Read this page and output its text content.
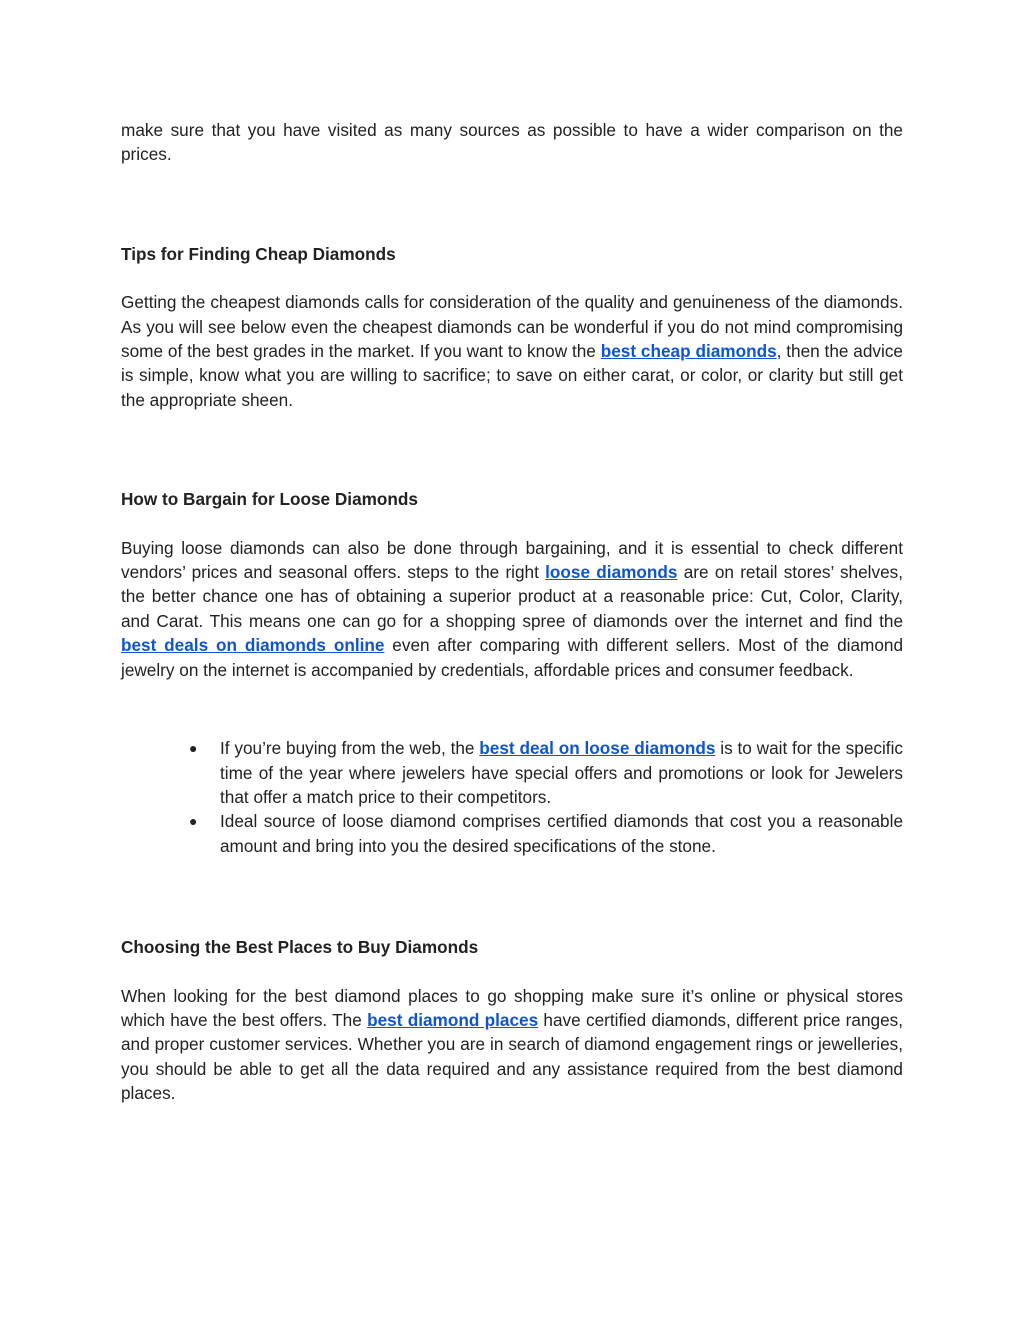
make sure that you have visited as many sources as possible to have a wider comparison on the prices.

Tips for Finding Cheap Diamonds

Getting the cheapest diamonds calls for consideration of the quality and genuineness of the diamonds. As you will see below even the cheapest diamonds can be wonderful if you do not mind compromising some of the best grades in the market. If you want to know the best cheap diamonds, then the advice is simple, know what you are willing to sacrifice; to save on either carat, or color, or clarity but still get the appropriate sheen.

How to Bargain for Loose Diamonds

Buying loose diamonds can also be done through bargaining, and it is essential to check different vendors’ prices and seasonal offers. steps to the right loose diamonds are on retail stores’ shelves, the better chance one has of obtaining a superior product at a reasonable price: Cut, Color, Clarity, and Carat. This means one can go for a shopping spree of diamonds over the internet and find the best deals on diamonds online even after comparing with different sellers. Most of the diamond jewelry on the internet is accompanied by credentials, affordable prices and consumer feedback.

● If you’re buying from the web, the best deal on loose diamonds is to wait for the specific time of the year where jewelers have special offers and promotions or look for Jewelers that offer a match price to their competitors.
● Ideal source of loose diamond comprises certified diamonds that cost you a reasonable amount and bring into you the desired specifications of the stone.
Choosing the Best Places to Buy Diamonds

When looking for the best diamond places to go shopping make sure it’s online or physical stores which have the best offers. The best diamond places have certified diamonds, different price ranges, and proper customer services. Whether you are in search of diamond engagement rings or jewelleries, you should be able to get all the data required and any assistance required from the best diamond places.
